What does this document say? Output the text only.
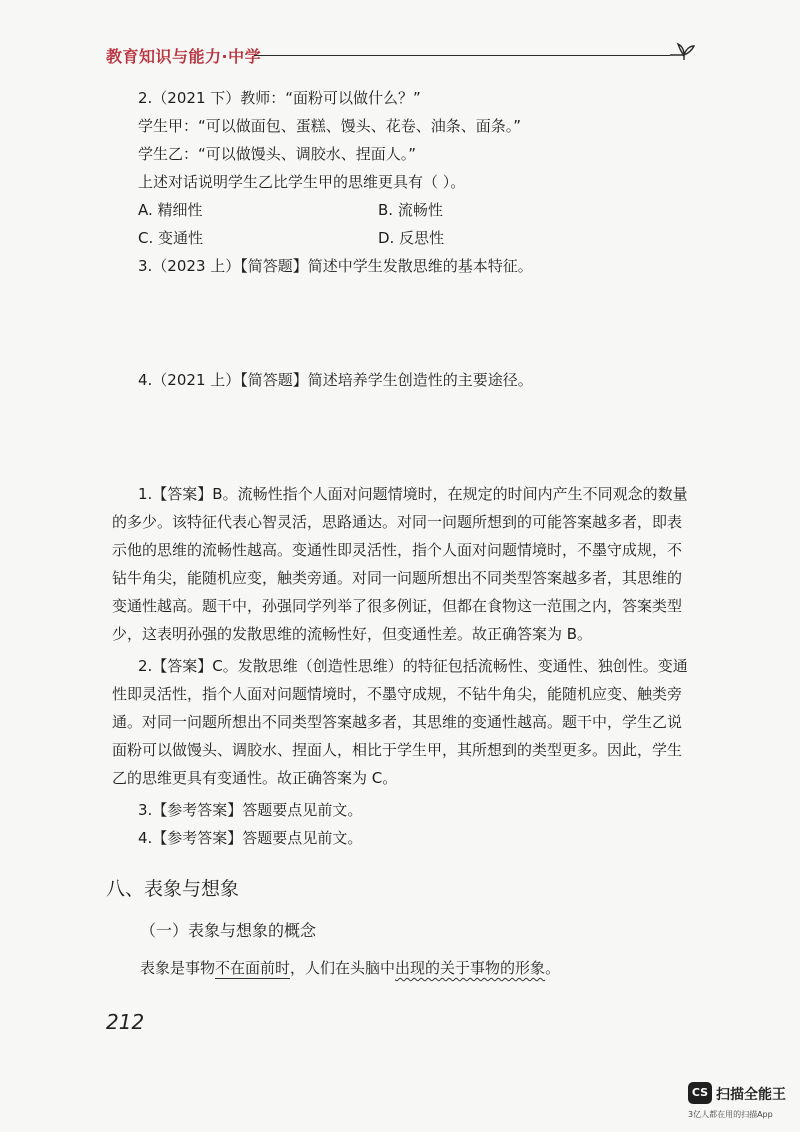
教育知识与能力·中学
2.（2021 下）教师：“面粉可以做什么？”
学生甲：“可以做面包、蛋糕、馒头、花卷、油条、面条。”
学生乙：“可以做馒头、调胶水、捏面人。”
上述对话说明学生乙比学生甲的思维更具有（ ）。
A. 精细性	B. 流畅性
C. 变通性	D. 反思性
3.（2023 上）【简答题】简述中学生发散思维的基本特征。
4.（2021 上）【简答题】简述培养学生创造性的主要途径。
1.【答案】B。流畅性指个人面对问题情境时，在规定的时间内产生不同观念的数量
的多少。该特征代表心智灵活，思路通达。对同一问题所想到的可能答案越多者，即表
示他的思维的流畅性越高。变通性即灵活性，指个人面对问题情境时，不墨守成规，不
钻牛角尖，能随机应变，触类旁通。对同一问题所想出不同类型答案越多者，其思维的
变通性越高。题干中，孙强同学列举了很多例证，但都在食物这一范围之内，答案类型
少，这表明孙强的发散思维的流畅性好，但变通性差。故正确答案为 B。
2.【答案】C。发散思维（创造性思维）的特征包括流畅性、变通性、独创性。变通
性即灵活性，指个人面对问题情境时，不墨守成规，不钻牛角尖，能随机应变、触类旁
通。对同一问题所想出不同类型答案越多者，其思维的变通性越高。题干中，学生乙说
面粉可以做馒头、调胶水、捏面人，相比于学生甲，其所想到的类型更多。因此，学生
乙的思维更具有变通性。故正确答案为 C。
3.【参考答案】答题要点见前文。
4.【参考答案】答题要点见前文。
八、表象与想象
（一）表象与想象的概念
表象是事物不在面前时，人们在头脑中出现的关于事物的形象。
212
CS 扫描全能王
3亿人都在用的扫描App
